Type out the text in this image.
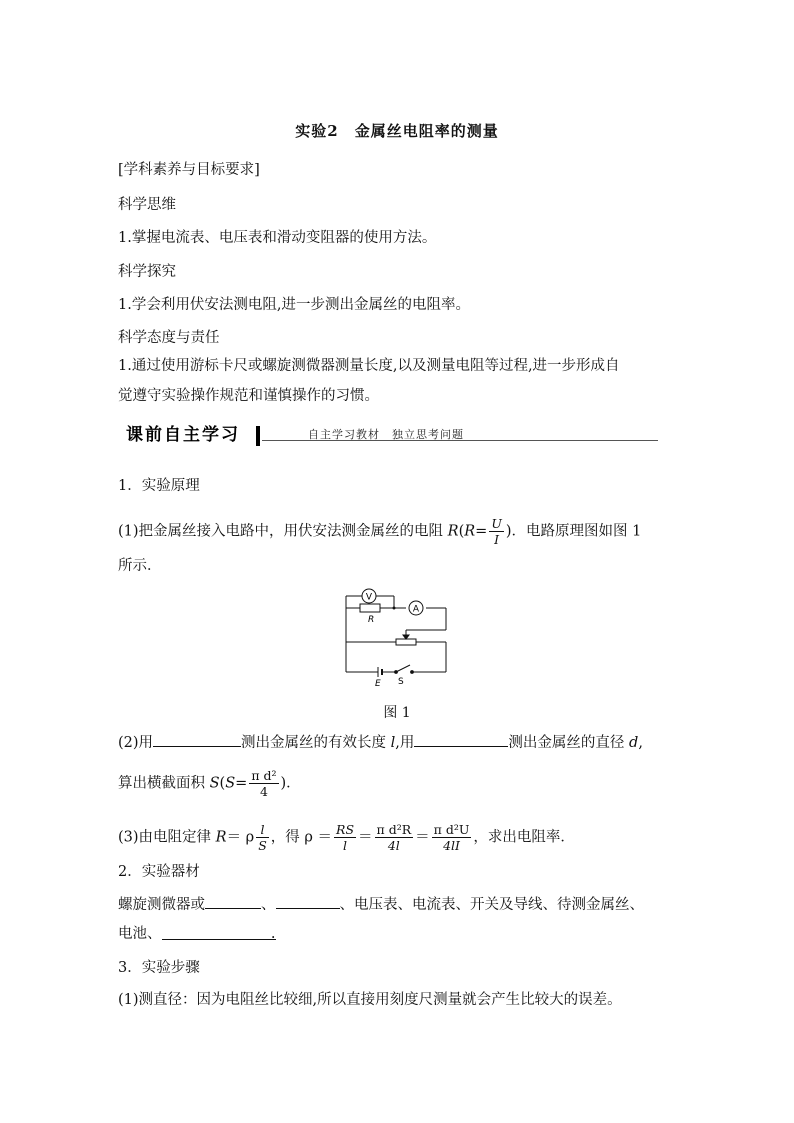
实验2　金属丝电阻率的测量
[学科素养与目标要求]
科学思维
1.掌握电流表、电压表和滑动变阻器的使用方法。
科学探究
1.学会利用伏安法测电阻,进一步测出金属丝的电阻率。
科学态度与责任
1.通过使用游标卡尺或螺旋测微器测量长度,以及测量电阻等过程,进一步形成自
觉遵守实验操作规范和谨慎操作的习惯。
课前自主学习	自主学习教材　独立思考问题
1．实验原理
(1)把金属丝接入电路中，用伏安法测金属丝的电阻 $R(R= \frac{U}{I}$ )．电路原理图如图 1
所示．
V
A
R
E S
图 1
(2)用	测出金属丝的有效长度 l,用	测出金属丝的直径 d,
算出横截面积 $S(S= \frac{\text{π d²}}{4}$ )．
(3)由电阻定律 R＝ ρ $\frac{l}{S}$ ，得 $\rho = \frac{RS}{l} = \frac{\text{π d²R}}{4l} = \frac{\text{π d²U}}{4lI}$ ，求出电阻率．
2．实验器材
螺旋测微器或	、	、电压表、电流表、开关及导线、待测金属丝、
电池、	.
3．实验步骤
(1)测直径：因为电阻丝比较细,所以直接用刻度尺测量就会产生比较大的误差。
